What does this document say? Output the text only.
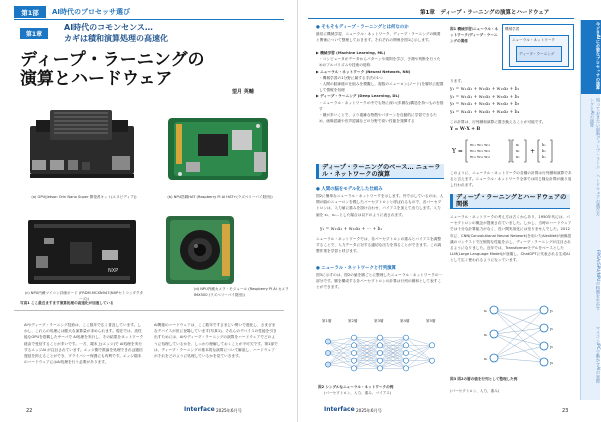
第1部	AI時代のプロセッサ選び
第1章
AI時代のコモンセンス…
カギは積和演算処理の高速化
ディープ・ラーニングの
演算とハードウェア
望月 英輔
(a) GPU(Jetson Orin Nano Super 開発者キット(エヌビディア))	(b) NPU搭載HAT (Raspberry Pi AI HAT+(ラズベリーパイ財団))
NXP
(c) NPU内蔵マイコン評価ボード (FRDM-MCXN947(NXPセミコンダクターズ))
(d) NPU内蔵カメラ・モジュール (Raspberry Pi AI カメラ IMX500 (ラズベリーパイ財団))
写真1 ここ最近ますます演算処理の高速化が加速している
AIやディープ・ラーニング技術は、ここ数年で広く普及しています。しかし、これらの処理には膨大な演算量が求められます。現在では、高性能なGPUを搭載したサーバで AI処理を実行し、その結果をネットワーク経由で受信することが多いです。一方、端末上(エッジ)で AI処理を実行するエッジAI が注目されています。エッジ側で推論を処理できれば通信遅延を抑えることができ、プライバシー保護にも有利です。エッジ端末のハードウェアにはAI処理を行う必要があります。
AI関連のハードウェアは、ここ数年ですさまじい勢いで進化し、さまざまなデバイスが世に登場しています(写真1)。それらのデバイスの性能を引き出すためには、AIやディープ・ラーニングの演算をハードウェアでどのように処理しているかを、しっかり理解しておくことが不可欠です。第1部では、ディープ・ラーニングの基本的な演算について解説し、ハードウェアがそれをどのように処理しているかを見ていきます。
22	Interface 2025年6月号
第1章　ディープ・ラーニングの演算とハードウェア
● そもそもディープ・ラーニングとは何なのか
最初に機械学習、ニューラル・ネットワーク、ディープ・ラーニングの概要と関係について整理しておきます。それぞれの関係を図1に示します。
▶ 機械学習 (Machine Learning, ML)
・コンピュータがデータからパターンや規則を学び、予測や判断を行うためのアルゴリズムや技術の総称
▶ ニューラル・ネットワーク (Neural Network, NN)
・機械学習の1分野に属する手法の1つ
・人間の脳神経の仕組みを模擬し、複数のニューロン(ノード)を層状に配置して情報を処理
▶ ディープ・ラーニング (Deep Learning, DL)
・ニューラル・ネットワークの中でも特に深い(多層な)構造を持つものを指す
・層が多いことで、より複雑な特徴やパターンを自動的に学習できるため、画像認識や音声認識などの分野で高い性能を発揮する
ディープ・ラーニングのベース… ニューラル・ネットワークの演算
● 人間の脳をモデル化した仕組み
図2に簡単なニューラル・ネットワークを示します。円で示しているのは、人間の脳のニューロンを模したパーセプトロンと呼ばれるもので、各パーセプトロンは、入力値に重みを掛け合わせ、バイアスを加えて出力します。入力値を x₁、x₂…とした場合は以下のように表されます。
y₁ = w₁₁x₁ + w₁₂x₂ + ⋯ + b₁
ニューラル・ネットワークでは、各パーセプトロンの重みとバイアスを調整することで、入力データに対する適切な出力を得ることができます。この調整作業を学習と呼びます。
● ニューラル・ネットワークと行列演算
図3に示すのは、図2の値を層ごとに整理したニューラル・ネットワークの一部分です。層を構成する各パーセプトロンの計算は行列の積和として表すことができます。
図1 機械学習/ニューラル・ネットワーク/ディープ・ラーニングの関係
機械学習
ニューラル・ネットワーク
ディープ・ラーニング
ります。
y₁ = w₁₁x₁ + w₁₂x₂ + w₁₃x₃ + b₁
y₂ = w₂₁x₁ + w₂₂x₂ + w₂₃x₃ + b₂
y₃ = w₃₁x₁ + w₃₂x₂ + w₃₃x₃ + b₃
y₄ = w₄₁x₁ + w₄₂x₂ + w₄₃x₃ + b₄
この計算は、行列積和演算に置き換えることが可能です。
Y = W·X + B
Y =
w₁₁ w₁₂ w₁₃
w₂₁ w₂₂ w₂₃
w₃₁ w₃₂ w₃₃
x₁
x₂
x₃
+
b₁
b₂
b₃
このように、ニューラル・ネットワークの各層の計算は行列積和演算であると言えます。ニューラル・ネットワーク全体では同じ様な計算が繰り返し行われます。
ディープ・ラーニングとハードウェアの関係
ニューラル・ネットワークの考え方は古くからあり、1950年代には、パーセプトロンの概念が提案されていました。しかし、当時のハードウェアでは十分な計算能力がなく、長い間実用化には至りませんでした。2012年に、CNN(Convolutional Neural Network)を用いたAlexNetが画像認識のコンテストで圧倒的な性能を示し、ディープ・ラーニングが注目されるようになりました。近年では、Transformerモデルをベースとした LLM(Large Language Model)が登場し、ChatGPTに代表される生成AIとして広く使われるようになっています。
第1層	第2層	第3層	第4層	第5層
図2 シンプルなニューラル・ネットワークの例
(パーセプトロン、入力、重み、バイアス)
x₁
x₂
x₃
y₁
y₂
y₃
y₄
図3 図2の層の値を行列として整理した例
(パーセプトロン、入力、重み)
Interface 2025年6月号	23
今どきAIに必要なプロセッサの演算
知っておきたい最新ディープ・ラーニングとAIの演算
ハードウェアの選び方
FPGA/GPU/NPUの特徴を生かす
マイコン/PCで動かすAIの実際
